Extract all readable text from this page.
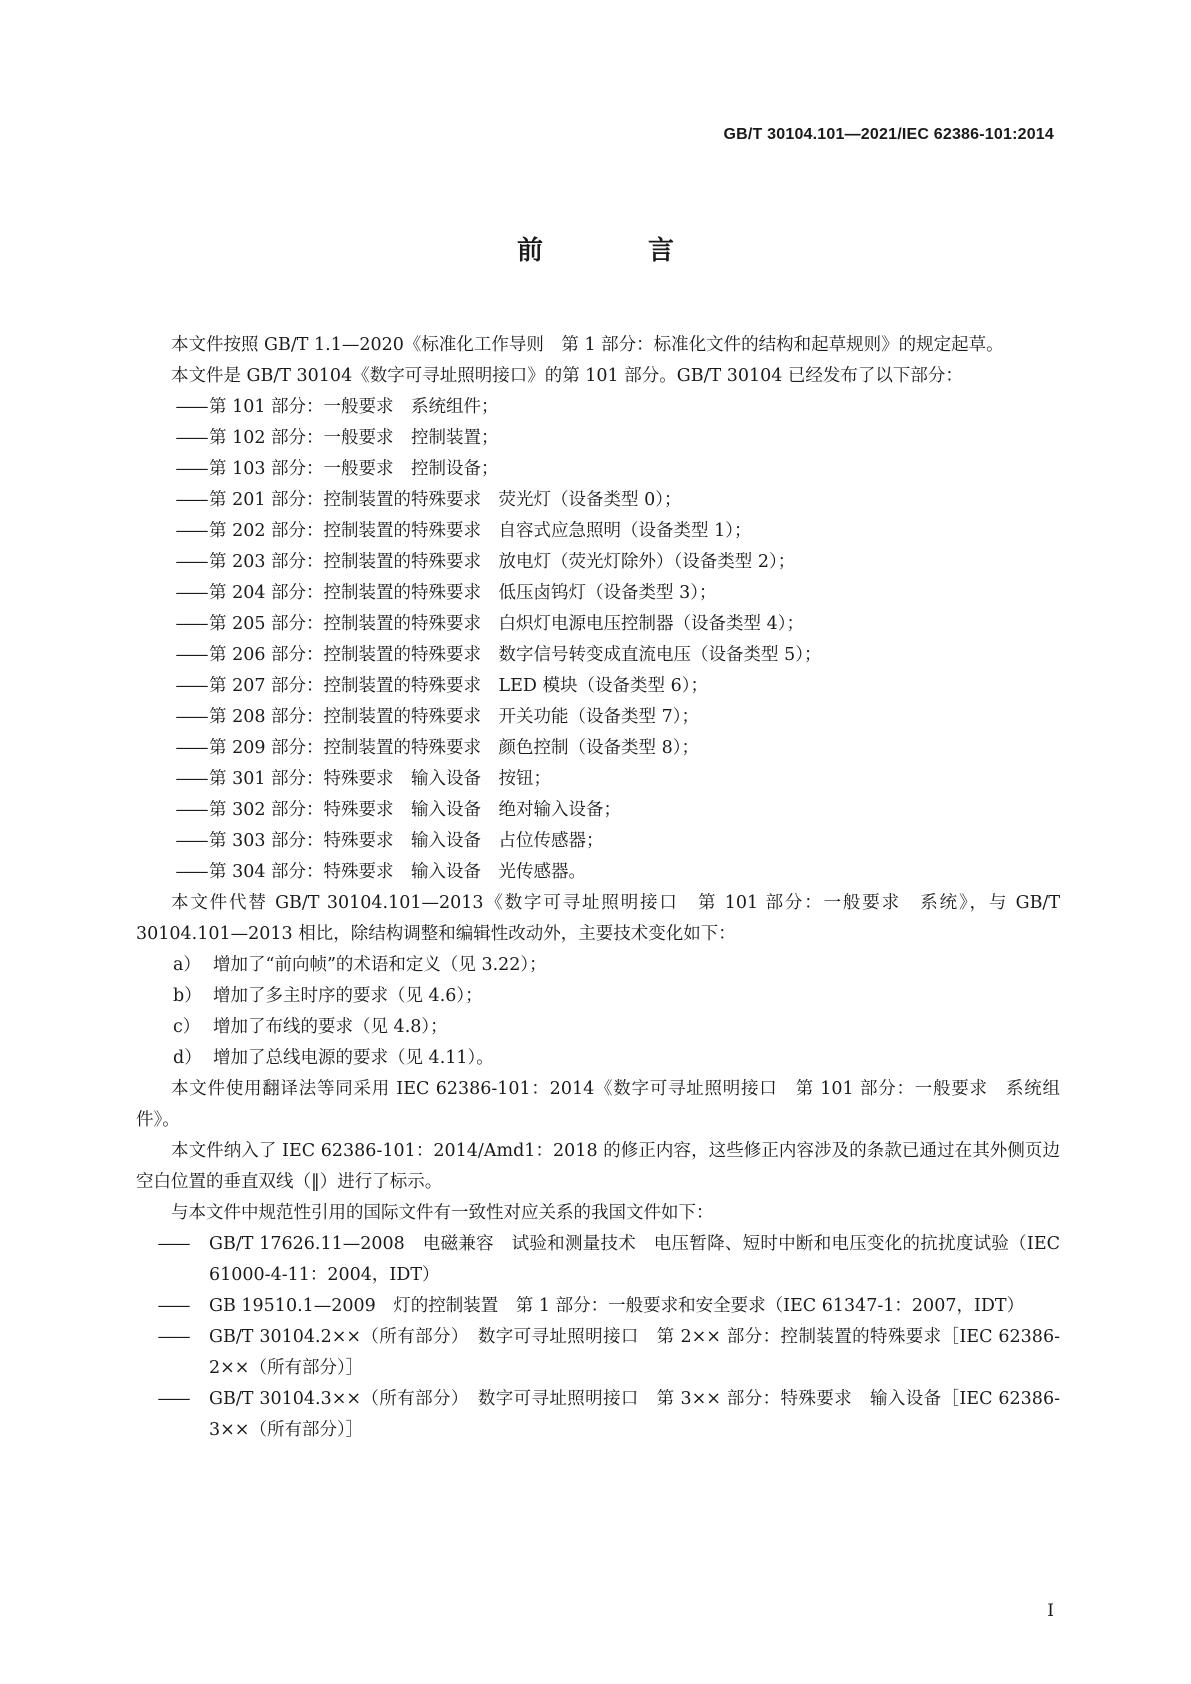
GB/T 30104.101—2021/IEC 62386-101:2014
前 言

本文件按照 GB/T 1.1—2020《标准化工作导则　第 1 部分：标准化文件的结构和起草规则》的规定起草。

本文件是 GB/T 30104《数字可寻址照明接口》的第 101 部分。GB/T 30104 已经发布了以下部分：

—— 第 101 部分：一般要求　系统组件；

—— 第 102 部分：一般要求　控制装置；

—— 第 103 部分：一般要求　控制设备；

—— 第 201 部分：控制装置的特殊要求　荧光灯（设备类型 0）；

—— 第 202 部分：控制装置的特殊要求　自容式应急照明（设备类型 1）；

—— 第 203 部分：控制装置的特殊要求　放电灯（荧光灯除外）（设备类型 2）；

—— 第 204 部分：控制装置的特殊要求　低压卤钨灯（设备类型 3）；

—— 第 205 部分：控制装置的特殊要求　白炽灯电源电压控制器（设备类型 4）；

—— 第 206 部分：控制装置的特殊要求　数字信号转变成直流电压（设备类型 5）；

—— 第 207 部分：控制装置的特殊要求　LED 模块（设备类型 6）；

—— 第 208 部分：控制装置的特殊要求　开关功能（设备类型 7）；

—— 第 209 部分：控制装置的特殊要求　颜色控制（设备类型 8）；

—— 第 301 部分：特殊要求　输入设备　按钮；

—— 第 302 部分：特殊要求　输入设备　绝对输入设备；

—— 第 303 部分：特殊要求　输入设备　占位传感器；

—— 第 304 部分：特殊要求　输入设备　光传感器。

本文件代替 GB/T 30104.101—2013《数字可寻址照明接口　第 101 部分：一般要求　系统》，与 GB/T 30104.101—2013 相比，除结构调整和编辑性改动外，主要技术变化如下：

a） 增加了“前向帧”的术语和定义（见 3.22）；

b） 增加了多主时序的要求（见 4.6）；

c） 增加了布线的要求（见 4.8）；

d） 增加了总线电源的要求（见 4.11）。

本文件使用翻译法等同采用 IEC 62386-101：2014《数字可寻址照明接口　第 101 部分：一般要求　系统组件》。

本文件纳入了 IEC 62386-101：2014/Amd1：2018 的修正内容，这些修正内容涉及的条款已通过在其外侧页边空白位置的垂直双线（‖）进行了标示。

与本文件中规范性引用的国际文件有一致性对应关系的我国文件如下：

—— GB/T 17626.11—2008　电磁兼容　试验和测量技术　电压暂降、短时中断和电压变化的抗扰度试验（IEC 61000-4-11：2004，IDT）

—— GB 19510.1—2009　灯的控制装置　第 1 部分：一般要求和安全要求（IEC 61347-1：2007，IDT）

—— GB/T 30104.2××（所有部分）　数字可寻址照明接口　第 2×× 部分：控制装置的特殊要求［IEC 62386-2××（所有部分）］

—— GB/T 30104.3××（所有部分）　数字可寻址照明接口　第 3×× 部分：特殊要求　输入设备［IEC 62386-3××（所有部分）］

I
